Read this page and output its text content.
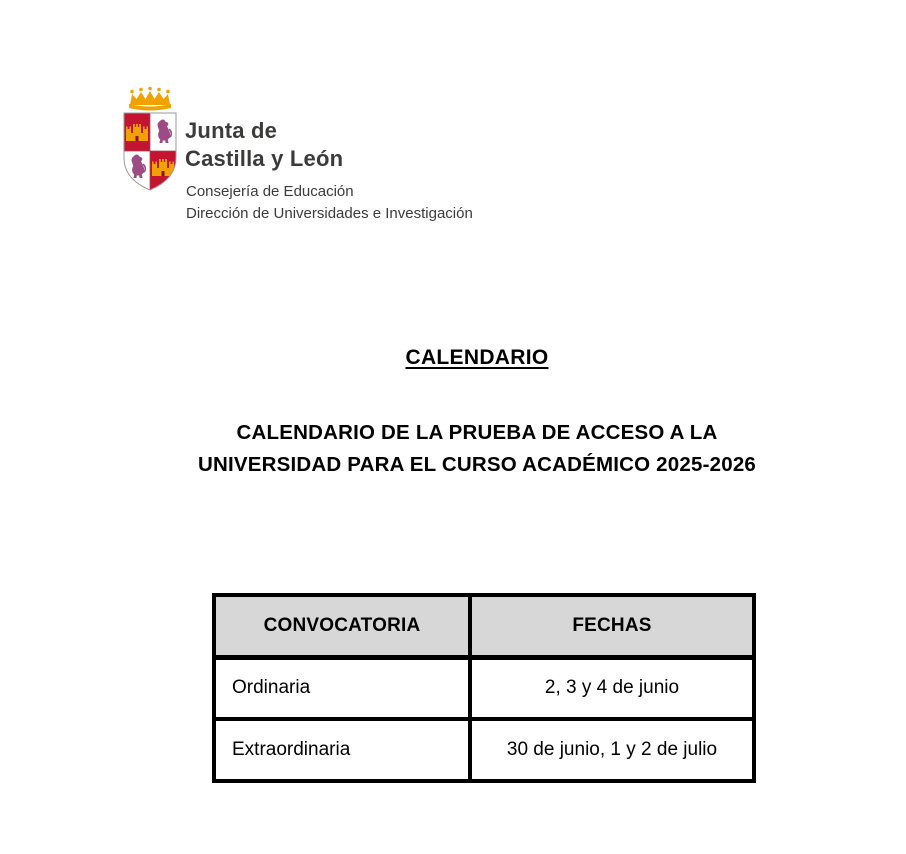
Junta de
Castilla y León
Consejería de Educación
Dirección de Universidades e Investigación
CALENDARIO
CALENDARIO DE LA PRUEBA DE ACCESO A LA
UNIVERSIDAD PARA EL CURSO ACADÉMICO 2025-2026
CONVOCATORIA	FECHAS
Ordinaria	2, 3 y 4 de junio
Extraordinaria	30 de junio, 1 y 2 de julio
